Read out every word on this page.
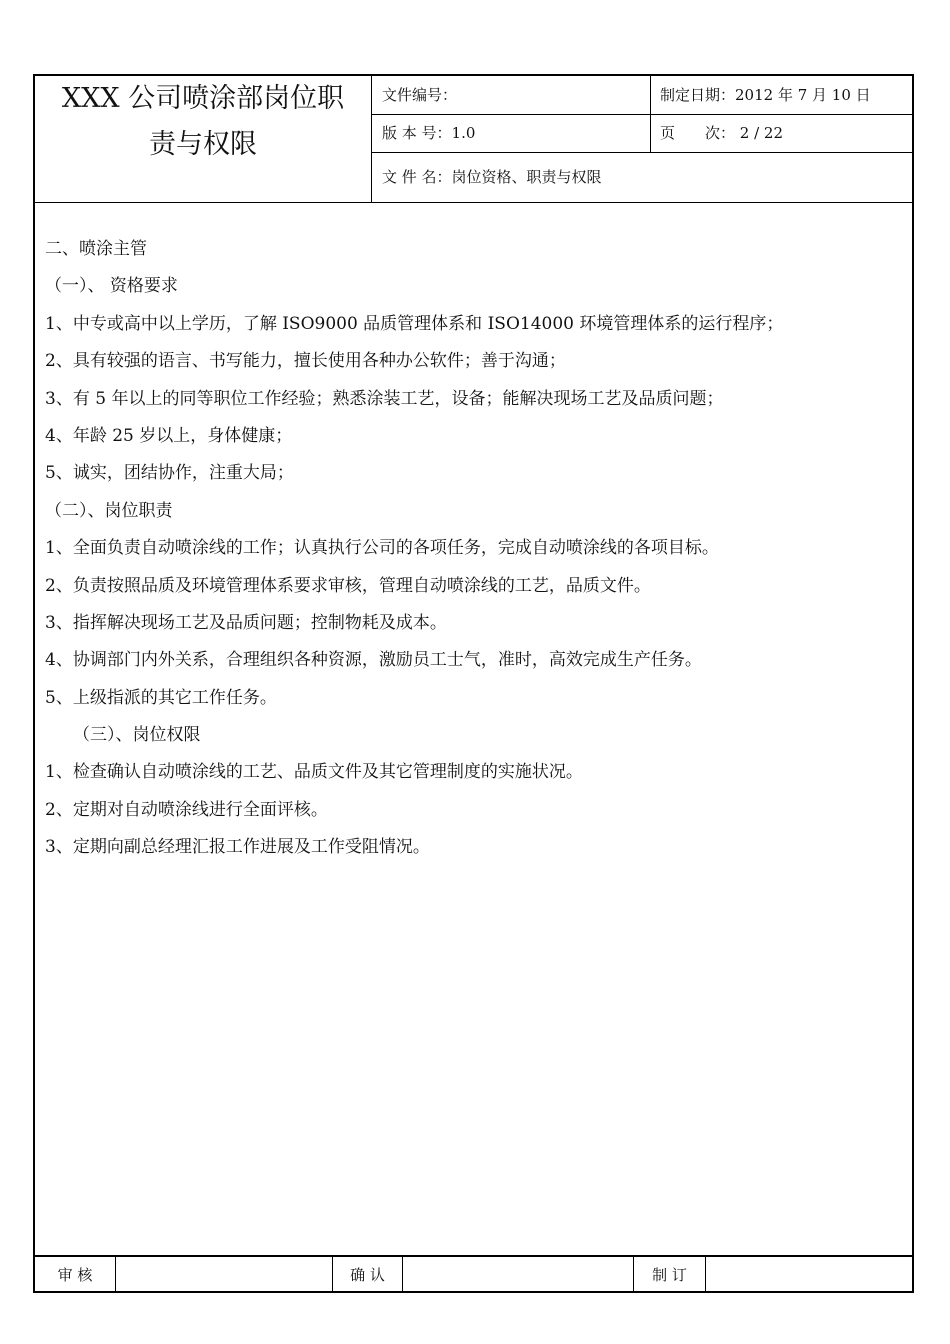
XXX 公司喷涂部岗位职
责与权限
文件编号：	制定日期：2012 年 7 月 10 日
版 本 号：1.0	页　　次： 2 / 22
文 件 名：岗位资格、职责与权限

二、喷涂主管

（一）、 资格要求

1、中专或高中以上学历，了解 ISO9000 品质管理体系和 ISO14000 环境管理体系的运行程序；

2、具有较强的语言、书写能力，擅长使用各种办公软件；善于沟通；

3、有 5 年以上的同等职位工作经验；熟悉涂装工艺，设备；能解决现场工艺及品质问题；

4、年龄 25 岁以上，身体健康；

5、诚实，团结协作，注重大局；

（二）、岗位职责

1、全面负责自动喷涂线的工作；认真执行公司的各项任务，完成自动喷涂线的各项目标。

2、负责按照品质及环境管理体系要求审核，管理自动喷涂线的工艺，品质文件。

3、指挥解决现场工艺及品质问题；控制物耗及成本。

4、协调部门内外关系，合理组织各种资源，激励员工士气，准时，高效完成生产任务。

5、上级指派的其它工作任务。

（三）、岗位权限

1、检查确认自动喷涂线的工艺、品质文件及其它管理制度的实施状况。

2、定期对自动喷涂线进行全面评核。

3、定期向副总经理汇报工作进展及工作受阻情况。

审 核	确 认	制 订
